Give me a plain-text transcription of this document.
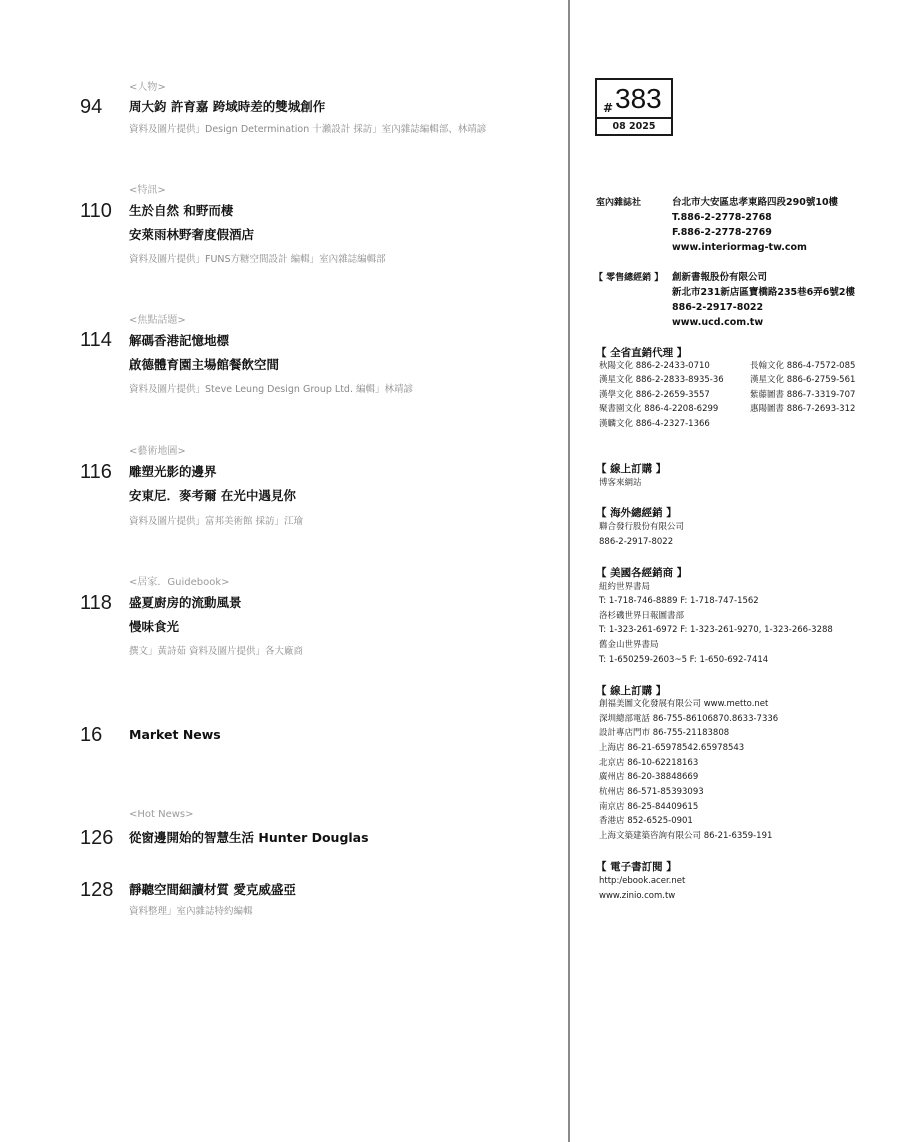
<人物>
94 周大鈞 許育嘉 跨域時差的雙城創作
資料及圖片提供」Design Determination 十瀨設計 採訪」室內雜誌編輯部、林靖諺
<特訊>
110 生於自然 和野而棲
安萊雨林野奢度假酒店
資料及圖片提供」FUNS方糖空間設計 編輯」室內雜誌編輯部
<焦點話題>
114 解碼香港記憶地標
啟德體育園主場館餐飲空間
資料及圖片提供」Steve Leung Design Group Ltd. 編輯」林靖諺
<藝術地圖>
116 雕塑光影的邊界
安東尼．麥考爾 在光中遇見你
資料及圖片提供」富邦美術館 採訪」江瑜
<居家．Guidebook>
118 盛夏廚房的流動風景
慢味食光
撰文」黃詩茹 資料及圖片提供」各大廠商
16 Market News
<Hot News>
126 從窗邊開始的智慧生活 Hunter Douglas
128 靜聽空間細讀材質 愛克威盛亞
資料整理」室內雜誌特約編輯
# 383
08 2025
室內雜誌社	台北市大安區忠孝東路四段290號10樓
T.886-2-2778-2768
F.886-2-2778-2769
www.interiormag-tw.com
【 零售總經銷 】 創新書報股份有限公司
新北市231新店區寶橋路235巷6弄6號2樓
886-2-2917-8022
www.ucd.com.tw
【 全省直銷代理 】
秋陽文化 886-2-2433-0710
漢星文化 886-2-2833-8935-36
漢學文化 886-2-2659-3557
聚書園文化 886-4-2208-6299
漢麟文化 886-4-2327-1366
長翰文化 886-4-7572-085
漢星文化 886-6-2759-561
紫藤圖書 886-7-3319-707
惠陽圖書 886-7-2693-312
【 線上訂購 】
博客來網站
【 海外總經銷 】
聯合發行股份有限公司
886-2-2917-8022
【 美國各經銷商 】
紐約世界書局
T: 1-718-746-8889 F: 1-718-747-1562
洛杉磯世界日報圖書部
T: 1-323-261-6972 F: 1-323-261-9270, 1-323-266-3288
舊金山世界書局
T: 1-650259-2603~5 F: 1-650-692-7414
【 線上訂購 】
創福美圖文化發展有限公司 www.metto.net
深圳總部電話 86-755-86106870.8633-7336
設計專店門市 86-755-21183808
上海店 86-21-65978542.65978543
北京店 86-10-62218163
廣州店 86-20-38848669
杭州店 86-571-85393093
南京店 86-25-84409615
香港店 852-6525-0901
上海文築建築咨詢有限公司 86-21-6359-191
【 電子書訂閱 】
http:/ebook.acer.net
www.zinio.com.tw
